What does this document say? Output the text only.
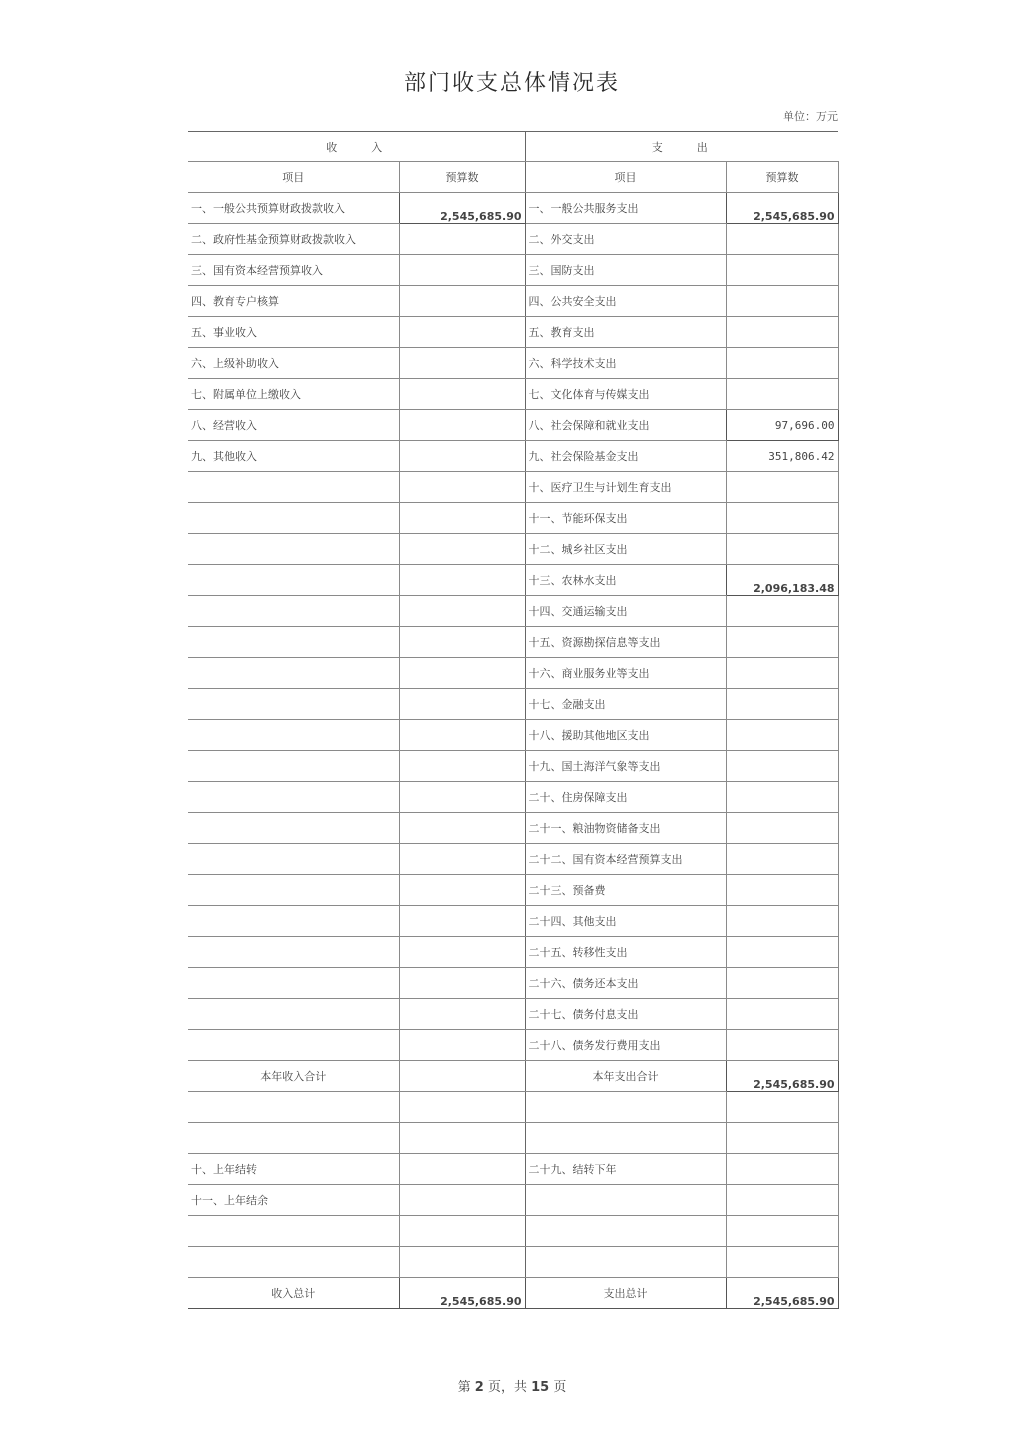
部门收支总体情况表
单位：万元
收　　入		支　　出	
项目	预算数	项目	预算数
一、一般公共预算财政拨款收入	2,545,685.90	一、一般公共服务支出	2,545,685.90
二、政府性基金预算财政拨款收入		二、外交支出	
三、国有资本经营预算收入		三、国防支出	
四、教育专户核算		四、公共安全支出	
五、事业收入		五、教育支出	
六、上级补助收入		六、科学技术支出	
七、附属单位上缴收入		七、文化体育与传媒支出	
八、经营收入		八、社会保障和就业支出	97,696.00
九、其他收入		九、社会保险基金支出	351,806.42
		十、医疗卫生与计划生育支出	
		十一、节能环保支出	
		十二、城乡社区支出	
		十三、农林水支出	2,096,183.48
		十四、交通运输支出	
		十五、资源勘探信息等支出	
		十六、商业服务业等支出	
		十七、金融支出	
		十八、援助其他地区支出	
		十九、国土海洋气象等支出	
		二十、住房保障支出	
		二十一、粮油物资储备支出	
		二十二、国有资本经营预算支出	
		二十三、预备费	
		二十四、其他支出	
		二十五、转移性支出	
		二十六、债务还本支出	
		二十七、债务付息支出	
		二十八、债务发行费用支出	
本年收入合计		本年支出合计	2,545,685.90

十、上年结转		二十九、结转下年	
十一、上年结余			

收入总计	2,545,685.90	支出总计	2,545,685.90
第 2 页，共 15 页
